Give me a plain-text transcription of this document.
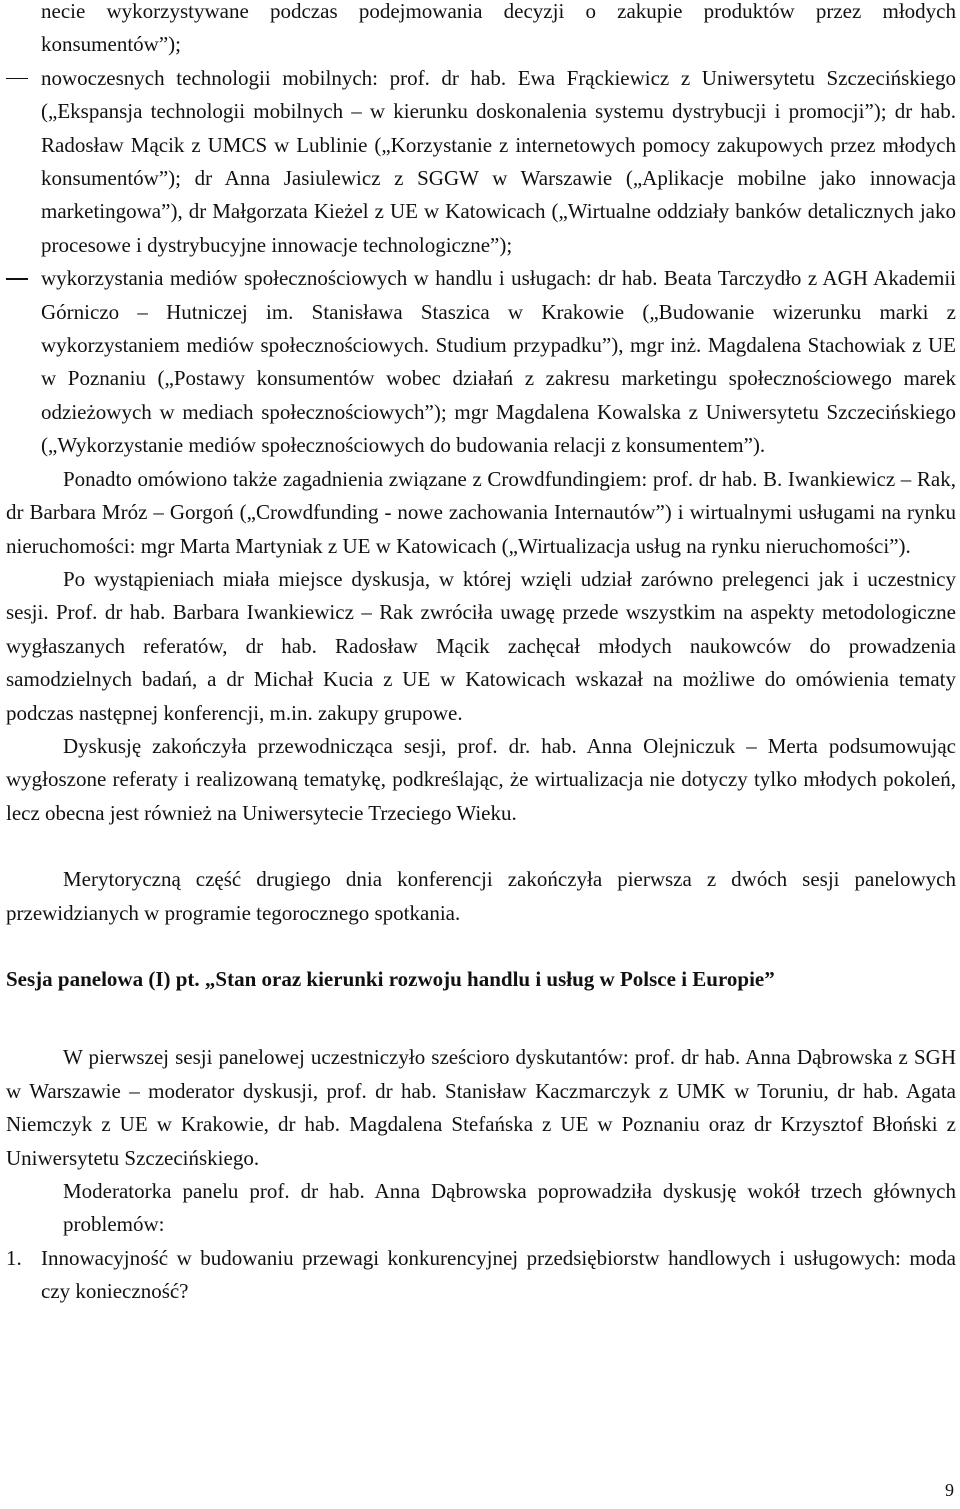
necie wykorzystywane podczas podejmowania decyzji o zakupie produktów przez młodych konsumentów”);

nowoczesnych technologii mobilnych: prof. dr hab. Ewa Frąckiewicz z Uniwersytetu Szczecińskiego („Ekspansja technologii mobilnych – w kierunku doskonalenia systemu dystrybucji i promocji”); dr hab. Radosław Mącik z UMCS w Lublinie („Korzystanie z internetowych pomocy zakupowych przez młodych konsumentów”); dr Anna Jasiulewicz z SGGW w Warszawie („Aplikacje mobilne jako innowacja marketingowa”), dr Małgorzata Kieżel z UE w Katowicach („Wirtualne oddziały banków detalicznych jako procesowe i dystrybucyjne innowacje technologiczne”);

wykorzystania mediów społecznościowych w handlu i usługach: dr hab. Beata Tarczydło z AGH Akademii Górniczo – Hutniczej im. Stanisława Staszica w Krakowie („Budowanie wizerunku marki z wykorzystaniem mediów społecznościowych. Studium przypadku”), mgr inż. Magdalena Stachowiak z UE w Poznaniu („Postawy konsumentów wobec działań z zakresu marketingu społecznościowego marek odzieżowych w mediach społecznościowych”); mgr Magdalena Kowalska z Uniwersytetu Szczecińskiego („Wykorzystanie mediów społecznościowych do budowania relacji z konsumentem”).

Ponadto omówiono także zagadnienia związane z Crowdfundingiem: prof. dr hab. B. Iwankiewicz – Rak, dr Barbara Mróz – Gorgoń („Crowdfunding - nowe zachowania Internautów”) i wirtualnymi usługami na rynku nieruchomości: mgr Marta Martyniak z UE w Katowicach („Wirtualizacja usług na rynku nieruchomości”).

Po wystąpieniach miała miejsce dyskusja, w której wzięli udział zarówno prelegenci jak i uczestnicy sesji. Prof. dr hab. Barbara Iwankiewicz – Rak zwróciła uwagę przede wszystkim na aspekty metodologiczne wygłaszanych referatów, dr hab. Radosław Mącik zachęcał młodych naukowców do prowadzenia samodzielnych badań, a dr Michał Kucia z UE w Katowicach wskazał na możliwe do omówienia tematy podczas następnej konferencji, m.in. zakupy grupowe.

Dyskusję zakończyła przewodnicząca sesji, prof. dr. hab. Anna Olejniczuk – Merta podsumowując wygłoszone referaty i realizowaną tematykę, podkreślając, że wirtualizacja nie dotyczy tylko młodych pokoleń, lecz obecna jest również na Uniwersytecie Trzeciego Wieku.

Merytoryczną część drugiego dnia konferencji zakończyła pierwsza z dwóch sesji panelowych przewidzianych w programie tegorocznego spotkania.

Sesja panelowa (I) pt. „Stan oraz kierunki rozwoju handlu i usług w Polsce i Europie”

W pierwszej sesji panelowej uczestniczyło sześcioro dyskutantów: prof. dr hab. Anna Dąbrowska z SGH w Warszawie – moderator dyskusji, prof. dr hab. Stanisław Kaczmarczyk z UMK w Toruniu, dr hab. Agata Niemczyk z UE w Krakowie, dr hab. Magdalena Stefańska z UE w Poznaniu oraz dr Krzysztof Błoński z Uniwersytetu Szczecińskiego.

Moderatorka panelu prof. dr hab. Anna Dąbrowska poprowadziła dyskusję wokół trzech głównych problemów:

1. Innowacyjność w budowaniu przewagi konkurencyjnej przedsiębiorstw handlowych i usługowych: moda czy konieczność?

9
